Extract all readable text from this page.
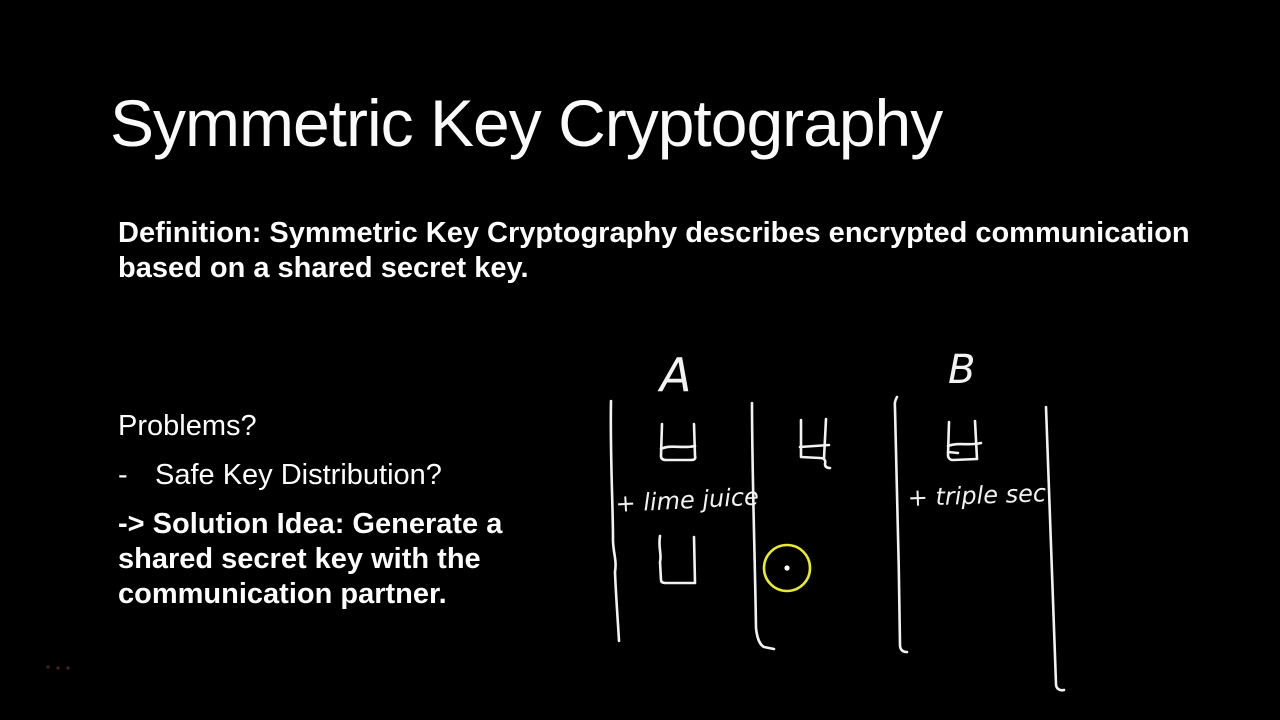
Symmetric Key Cryptography
Definition: Symmetric Key Cryptography describes encrypted communication
based on a shared secret key.
Problems?
- Safe Key Distribution?
-> Solution Idea: Generate a
shared secret key with the
communication partner.
A	B
+ lime juice	+ triple sec
